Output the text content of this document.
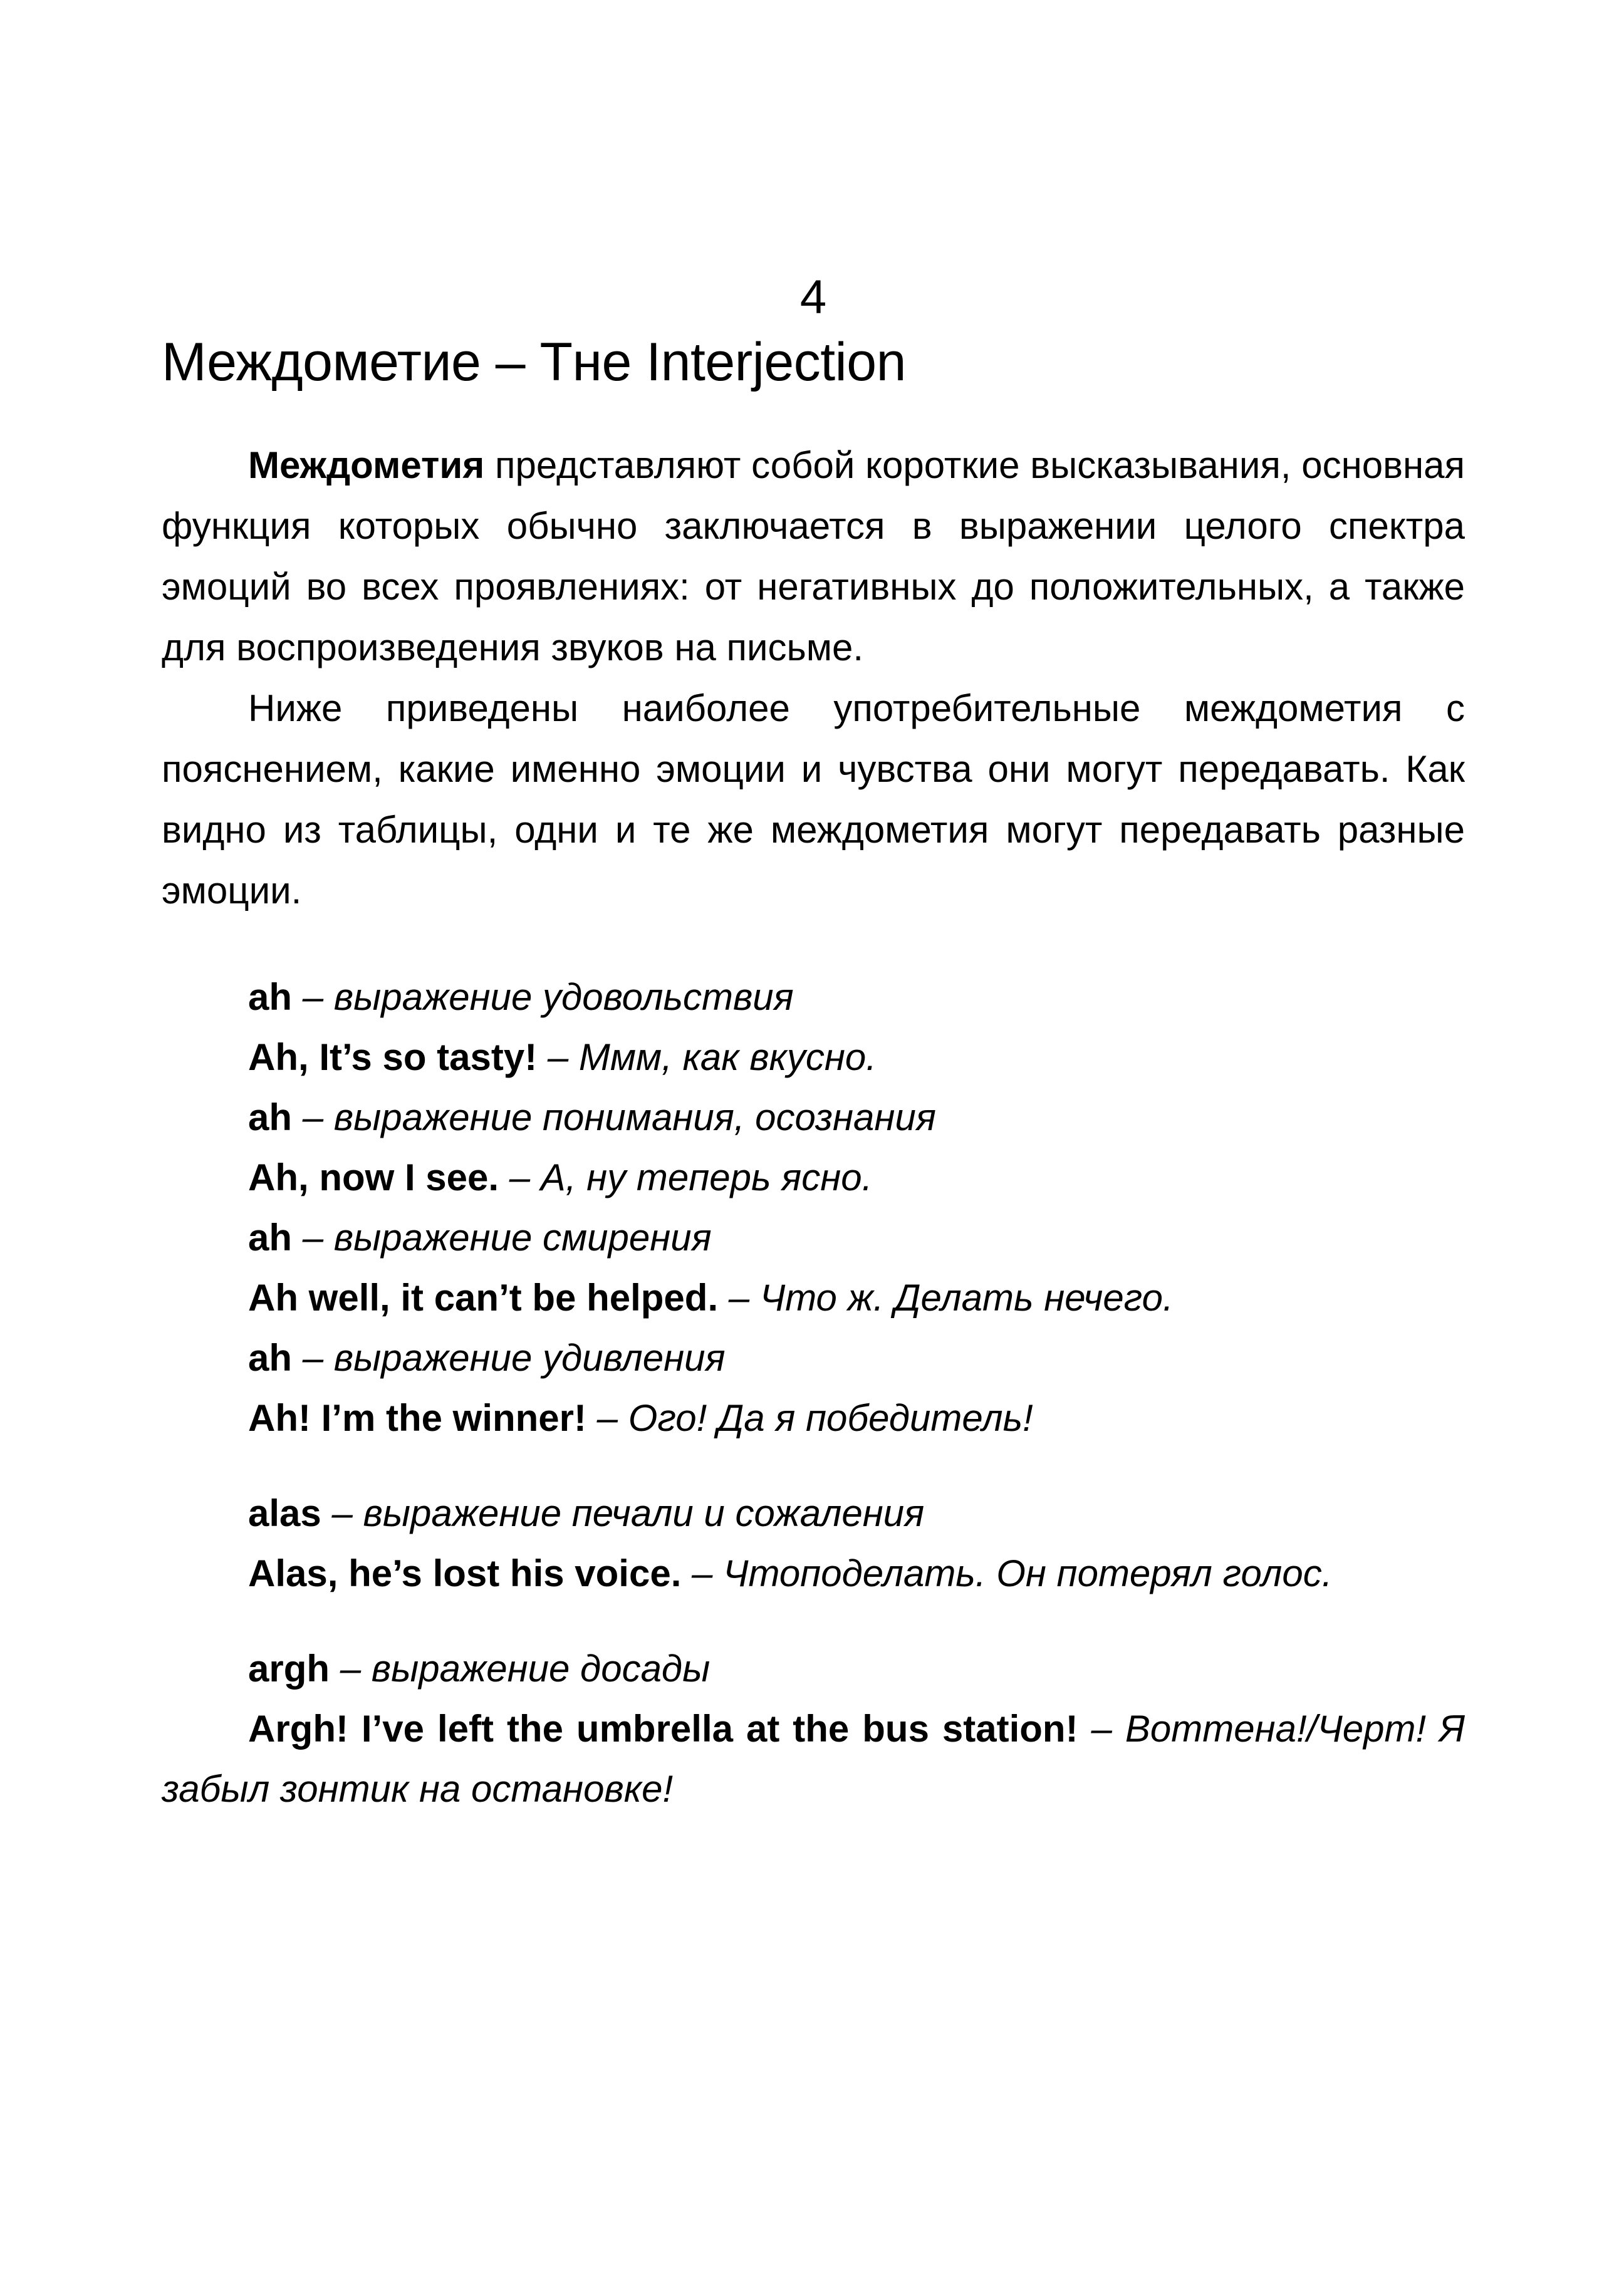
4
Междометие – Тне Interjection

Междометия представляют собой короткие высказывания, основная функция которых обычно заключается в выражении целого спектра эмоций во всех проявлениях: от негативных до положительных, а также для воспроизведения звуков на письме.

Ниже приведены наиболее употребительные междометия с пояснением, какие именно эмоции и чувства они могут передавать. Как видно из таблицы, одни и те же междометия могут передавать разные эмоции.

ah – выражение удовольствия

Ah, It’s so tasty! – Ммм, как вкусно.

ah – выражение понимания, осознания

Ah, now I see. – А, ну теперь ясно.

ah – выражение смирения

Ah well, it can’t be helped. – Что ж. Делать нечего.

ah – выражение удивления

Ah! I’m the winner! – Ого! Да я победитель!

alas – выражение печали и сожаления

Alas, he’s lost his voice. – Чтоподелать. Он потерял голос.

argh – выражение досады

Argh! I’ve left the umbrella at the bus station! – Воттена!/Черт! Я забыл зонтик на остановке!
